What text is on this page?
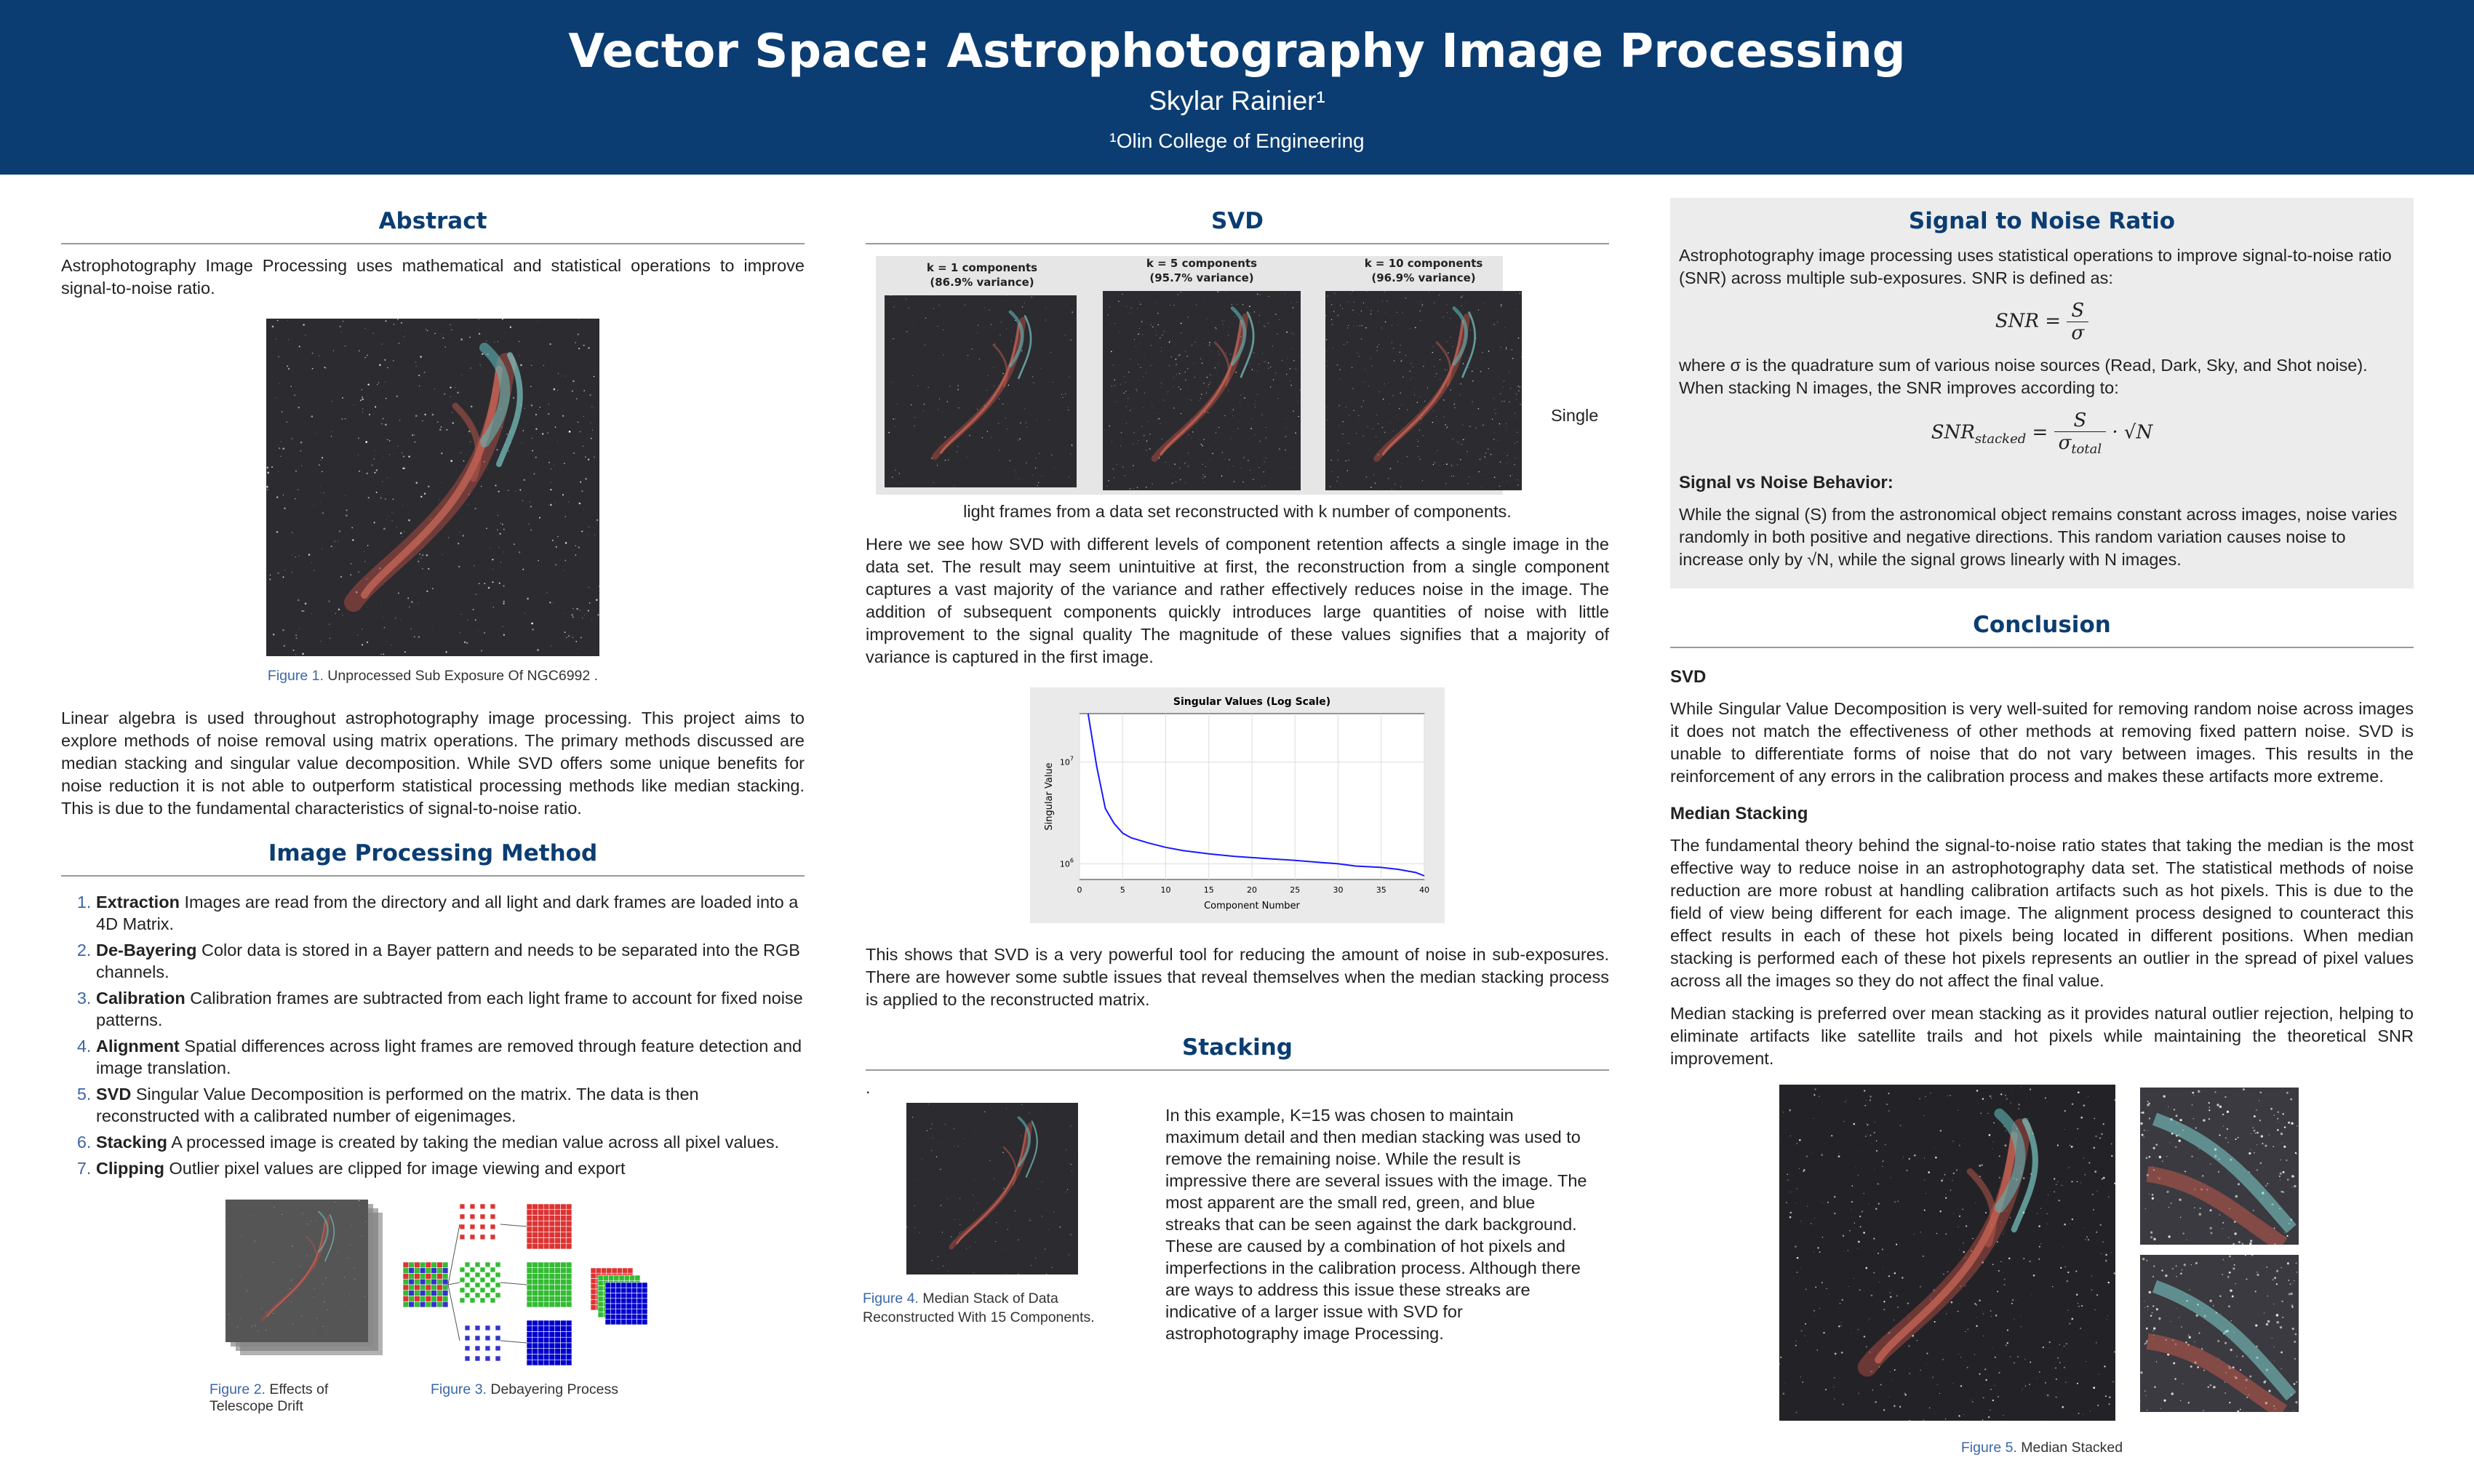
Vector Space: Astrophotography Image Processing
Skylar Rainier¹
¹Olin College of Engineering
Abstract
Astrophotography Image Processing uses mathematical and statistical operations to improve signal-to-noise ratio.
Figure 1. Unprocessed Sub Exposure Of NGC6992 .
Linear algebra is used throughout astrophotography image processing. This project aims to explore methods of noise removal using matrix operations. The primary methods discussed are median stacking and singular value decomposition. While SVD offers some unique benefits for noise reduction it is not able to outperform statistical processing methods like median stacking. This is due to the fundamental characteristics of signal-to-noise ratio.
Image Processing Method
1. Extraction Images are read from the directory and all light and dark frames are loaded into a 4D Matrix.
2. De-Bayering Color data is stored in a Bayer pattern and needs to be separated into the RGB channels.
3. Calibration Calibration frames are subtracted from each light frame to account for fixed noise patterns.
4. Alignment Spatial differences across light frames are removed through feature detection and image translation.
5. SVD Singular Value Decomposition is performed on the matrix. The data is then reconstructed with a calibrated number of eigenimages.
6. Stacking A processed image is created by taking the median value across all pixel values.
7. Clipping Outlier pixel values are clipped for image viewing and export
Figure 2. Effects of Telescope Drift
Figure 3. Debayering Process
SVD
k = 1 components
(86.9% variance)
k = 5 components
(95.7% variance)
k = 10 components
(96.9% variance)
Single
light frames from a data set reconstructed with k number of components.
Here we see how SVD with different levels of component retention affects a single image in the data set. The result may seem unintuitive at first, the reconstruction from a single component captures a vast majority of the variance and rather effectively reduces noise in the image. The addition of subsequent components quickly introduces large quantities of noise with little improvement to the signal quality The magnitude of these values signifies that a majority of variance is captured in the first image.
Singular Values (Log Scale)
Component Number
Singular Value
0	5	10	15	20	25	30	35	40
$10^6$
$10^7$
This shows that SVD is a very powerful tool for reducing the amount of noise in sub-exposures. There are however some subtle issues that reveal themselves when the median stacking process is applied to the reconstructed matrix.
Stacking
.
Figure 4. Median Stack of Data Reconstructed With 15 Components.
In this example, K=15 was chosen to maintain maximum detail and then median stacking was used to remove the remaining noise. While the result is impressive there are several issues with the image. The most apparent are the small red, green, and blue streaks that can be seen against the dark background. These are caused by a combination of hot pixels and imperfections in the calibration process. Although there are ways to address this issue these streaks are indicative of a larger issue with SVD for astrophotography image Processing.
Signal to Noise Ratio
Astrophotography image processing uses statistical operations to improve signal-to-noise ratio (SNR) across multiple sub-exposures. SNR is defined as:
SNR = $\frac{S}{\sigma}$
where σ is the quadrature sum of various noise sources (Read, Dark, Sky, and Shot noise). When stacking N images, the SNR improves according to:
$SNR_{stacked} = \frac{S}{\sigma_{total}} \cdot √N$
Signal vs Noise Behavior:
While the signal (S) from the astronomical object remains constant across images, noise varies randomly in both positive and negative directions. This random variation causes noise to increase only by √N, while the signal grows linearly with N images.
Conclusion
SVD
While Singular Value Decomposition is very well-suited for removing random noise across images it does not match the effectiveness of other methods at removing fixed pattern noise. SVD is unable to differentiate forms of noise that do not vary between images. This results in the reinforcement of any errors in the calibration process and makes these artifacts more extreme.
Median Stacking
The fundamental theory behind the signal-to-noise ratio states that taking the median is the most effective way to reduce noise in an astrophotography data set. The statistical methods of noise reduction are more robust at handling calibration artifacts such as hot pixels. This is due to the field of view being different for each image. The alignment process designed to counteract this effect results in each of these hot pixels being located in different positions. When median stacking is performed each of these hot pixels represents an outlier in the spread of pixel values across all the images so they do not affect the final value.
Median stacking is preferred over mean stacking as it provides natural outlier rejection, helping to eliminate artifacts like satellite trails and hot pixels while maintaining the theoretical SNR improvement.
Figure 5. Median Stacked
